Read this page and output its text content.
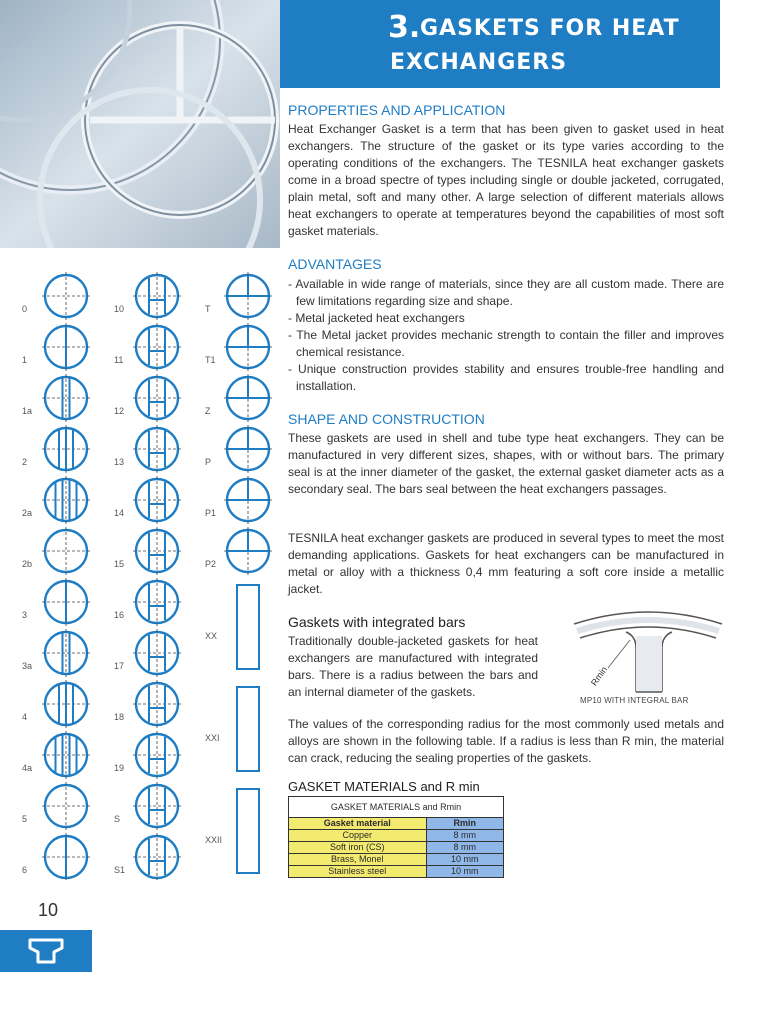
3. GASKETS FOR HEAT
EXCHANGERS
PROPERTIES AND APPLICATION
Heat Exchanger Gasket is a term that has been given to gasket used in heat exchangers. The structure of the gasket or its type varies according to the operating conditions of the exchangers. The TESNILA heat exchanger gaskets come in a broad spectre of types including single or double jacketed, corrugated, plain metal, soft and many other. A large selection of different materials allows heat exchangers to operate at temperatures beyond the capabilities of most soft gasket materials.
ADVANTAGES
- Available in wide range of materials, since they are all custom made. There are few limitations regarding size and shape.
- Metal jacketed heat exchangers
- The Metal jacket provides mechanic strength to contain the filler and improves chemical resistance.
- Unique construction provides stability and ensures trouble-free handling and installation.
SHAPE AND CONSTRUCTION
These gaskets are used in shell and tube type heat exchangers. They can be manufactured in very different sizes, shapes, with or without bars. The primary seal is at the inner diameter of the gasket, the external gasket diameter acts as a secondary seal. The bars seal between the heat exchangers passages.
TESNILA heat exchanger gaskets are produced in several types to meet the most demanding applications. Gaskets for heat exchangers can be manufactured in metal or alloy with a thickness 0,4 mm featuring a soft core inside a metallic jacket.
Gaskets with integrated bars
Traditionally double-jacketed gaskets for heat exchangers are manufactured with integrated bars. There is a radius between the bars and an internal diameter of the gaskets.
Rmin
MP10 WITH INTEGRAL BAR
The values of the corresponding radius for the most commonly used metals and alloys are shown in the following table. If a radius is less than R min, the material can crack, reducing the sealing properties of the gaskets.
GASKET MATERIALS and R min
GASKET MATERIALS and Rmin	
Gasket material	Rmin
Copper	8 mm
Soft iron (CS)	8 mm
Brass, Monel	10 mm
Stainless steel	10 mm
0
1
1a
2
2a
2b
3
3a
4
4a
5
6
10
11
12
13
14
15
16
17
18
19
S
S1
T
T1
Z
P
P1
P2
XX
XXI
XXII
10
